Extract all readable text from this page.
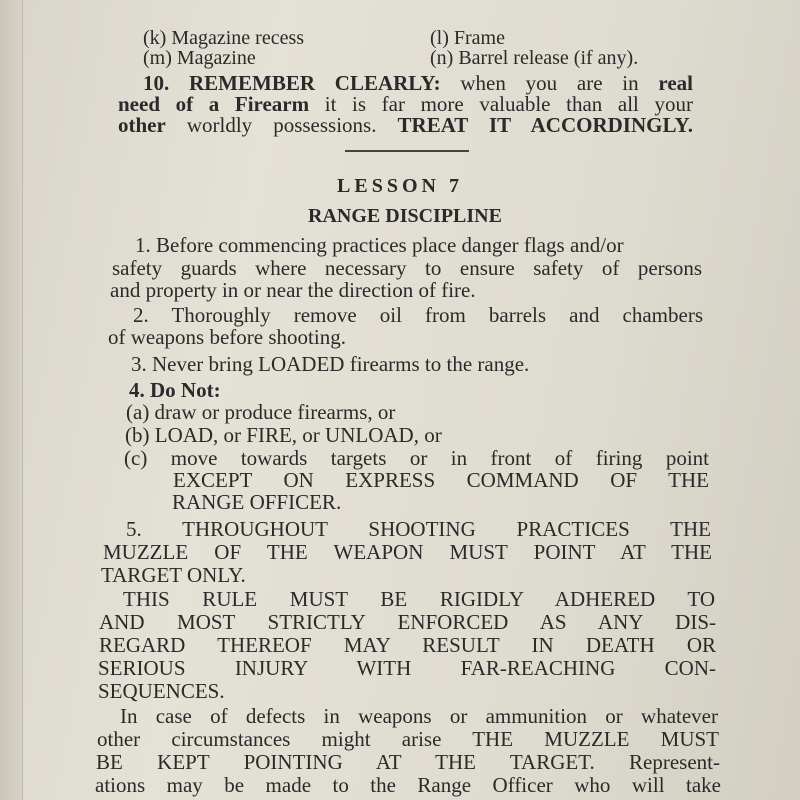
(k) Magazine recess	(l) Frame
(m) Magazine	(n) Barrel release (if any).
10. REMEMBER CLEARLY: when you are in real
need of a Firearm it is far more valuable than all your
other worldly possessions. TREAT IT ACCORDINGLY.
LESSON 7
RANGE DISCIPLINE
1. Before commencing practices place danger flags and/or
safety guards where necessary to ensure safety of persons
and property in or near the direction of fire.
2. Thoroughly remove oil from barrels and chambers
of weapons before shooting.
3. Never bring LOADED firearms to the range.
4. Do Not:
(a) draw or produce firearms, or
(b) LOAD, or FIRE, or UNLOAD, or
(c) move towards targets or in front of firing point
EXCEPT ON EXPRESS COMMAND OF THE
RANGE OFFICER.
5. THROUGHOUT SHOOTING PRACTICES THE
MUZZLE OF THE WEAPON MUST POINT AT THE
TARGET ONLY.
THIS RULE MUST BE RIGIDLY ADHERED TO
AND MOST STRICTLY ENFORCED AS ANY DIS-
REGARD THEREOF MAY RESULT IN DEATH OR
SERIOUS INJURY WITH FAR-REACHING CON-
SEQUENCES.
In case of defects in weapons or ammunition or whatever
other circumstances might arise THE MUZZLE MUST
BE KEPT POINTING AT THE TARGET. Represent-
ations may be made to the Range Officer who will take
